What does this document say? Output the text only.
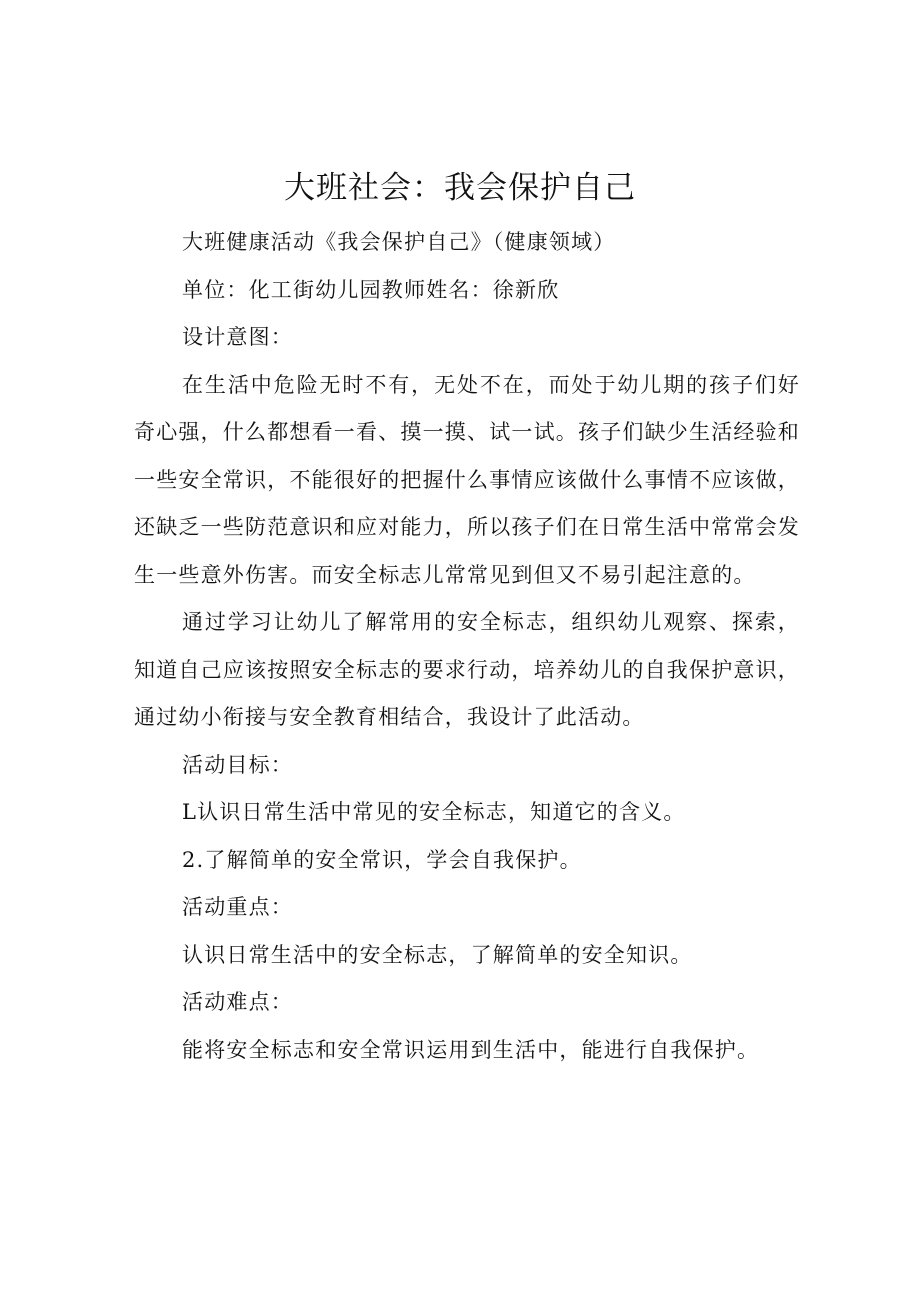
大班社会：我会保护自己

大班健康活动《我会保护自己》（健康领域）

单位：化工街幼儿园教师姓名：徐新欣

设计意图：

在生活中危险无时不有，无处不在，而处于幼儿期的孩子们好奇心强，什么都想看一看、摸一摸、试一试。孩子们缺少生活经验和一些安全常识，不能很好的把握什么事情应该做什么事情不应该做，还缺乏一些防范意识和应对能力，所以孩子们在日常生活中常常会发生一些意外伤害。而安全标志儿常常见到但又不易引起注意的。

通过学习让幼儿了解常用的安全标志，组织幼儿观察、探索，知道自己应该按照安全标志的要求行动，培养幼儿的自我保护意识，通过幼小衔接与安全教育相结合，我设计了此活动。

活动目标：

L认识日常生活中常见的安全标志，知道它的含义。

2.了解简单的安全常识，学会自我保护。

活动重点：

认识日常生活中的安全标志，了解简单的安全知识。

活动难点：

能将安全标志和安全常识运用到生活中，能进行自我保护。
